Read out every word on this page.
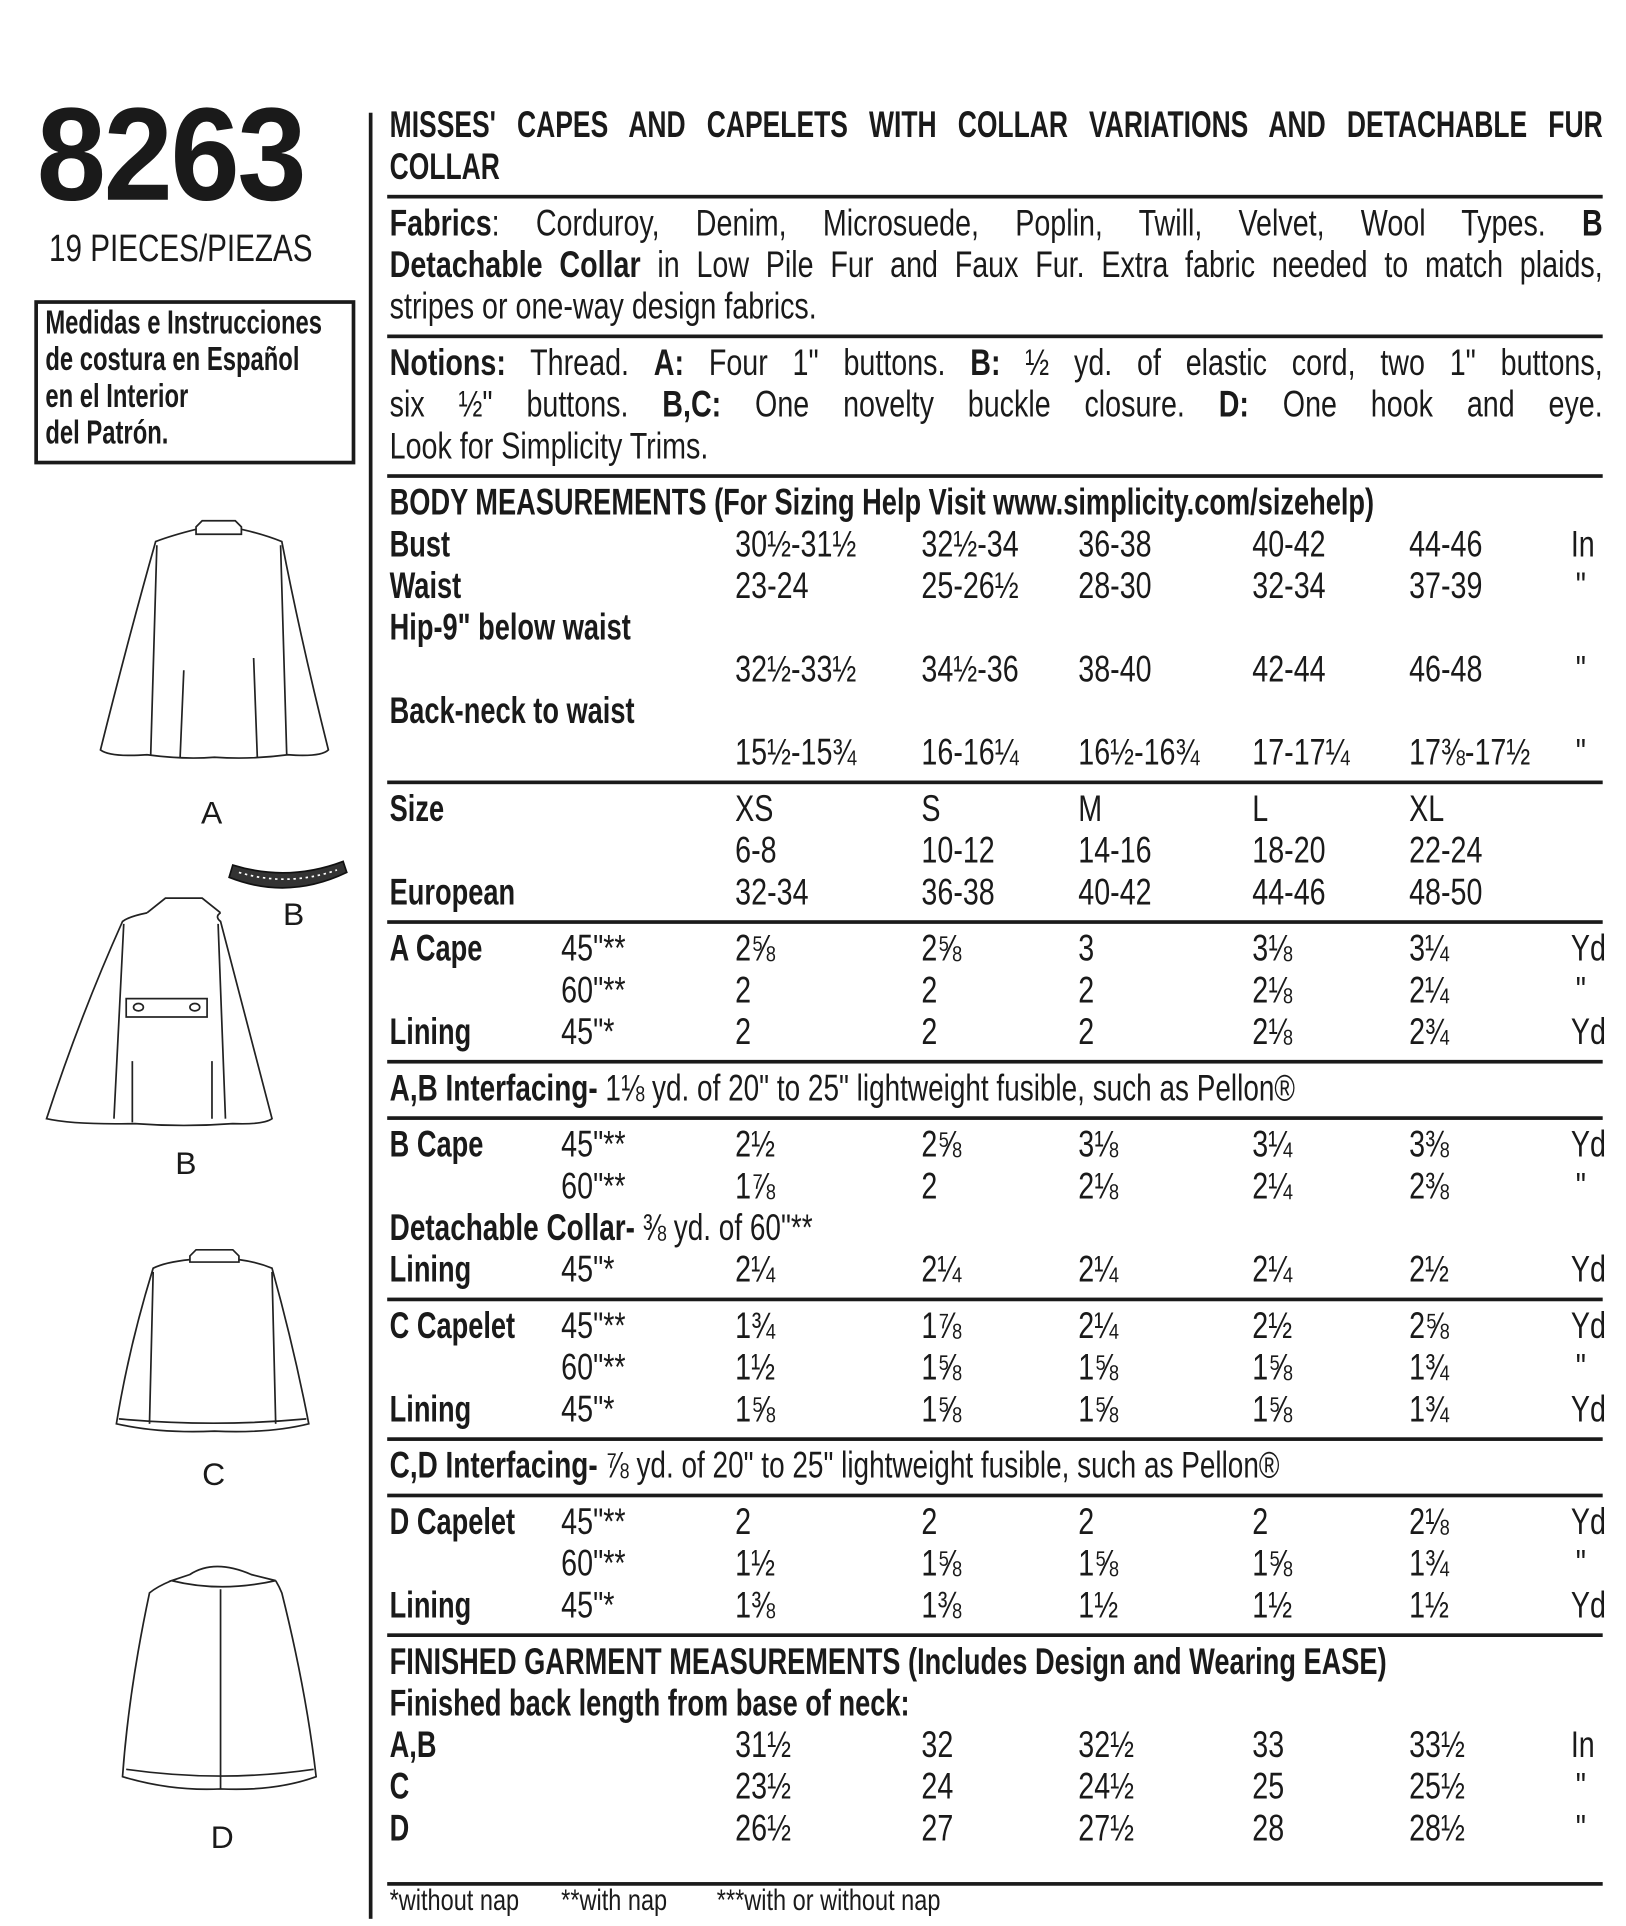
8263
19 PIECES/PIEZAS
Medidas e Instrucciones
de costura en Español
en el Interior
del Patrón.
A
B
B
C
D
MISSES' CAPES AND CAPELETS WITH COLLAR VARIATIONS AND DETACHABLE FUR
COLLAR
Fabrics: Corduroy, Denim, Microsuede, Poplin, Twill, Velvet, Wool Types. B
Detachable Collar in Low Pile Fur and Faux Fur. Extra fabric needed to match plaids,
stripes or one-way design fabrics.
Notions: Thread. A: Four 1" buttons. B: ½ yd. of elastic cord, two 1" buttons,
six ½" buttons. B,C: One novelty buckle closure. D: One hook and eye.
Look for Simplicity Trims.
BODY MEASUREMENTS (For Sizing Help Visit www.simplicity.com/sizehelp)
Bust	30½-31½ 32½-34 36-38	40-42	44-46	In
Waist	23-24	25-26½ 28-30	32-34	37-39	"
Hip-9" below waist
32½-33½ 34½-36 38-40	42-44	46-48	"
Back-neck to waist
15½-15¾ 16-16¼ 16½-16¾ 17-17¼ 17⅜-17½ "
Size	XS	S	M	L	XL
6-8	10-12	14-16	18-20	22-24
European	32-34	36-38	40-42	44-46	48-50
A Cape	45"**	2⅝	2⅝	3	3⅛	3¼	Yd
60"**	2	2	2	2⅛	2¼	"
Lining	45"*	2	2	2	2⅛	2¾	Yd
A,B Interfacing- 1⅛ yd. of 20" to 25" lightweight fusible, such as Pellon®
B Cape	45"**	2½	2⅝	3⅛	3¼	3⅜	Yd
60"**	1⅞	2	2⅛	2¼	2⅜	"
Detachable Collar- ⅜ yd. of 60"**
Lining	45"*	2¼	2¼	2¼	2¼	2½	Yd
C Capelet 45"**	1¾	1⅞	2¼	2½	2⅝	Yd
60"**	1½	1⅝	1⅝	1⅝	1¾	"
Lining	45"*	1⅝	1⅝	1⅝	1⅝	1¾	Yd
C,D Interfacing- ⅞ yd. of 20" to 25" lightweight fusible, such as Pellon®
D Capelet 45"**	2	2	2	2	2⅛	Yd
60"**	1½	1⅝	1⅝	1⅝	1¾	"
Lining	45"*	1⅜	1⅜	1½	1½	1½	Yd
FINISHED GARMENT MEASUREMENTS (Includes Design and Wearing EASE)
Finished back length from base of neck:
A,B	31½	32	32½	33	33½	In
C	23½	24	24½	25	25½	"
D	26½	27	27½	28	28½	"
*without nap **with nap ***with or without nap
